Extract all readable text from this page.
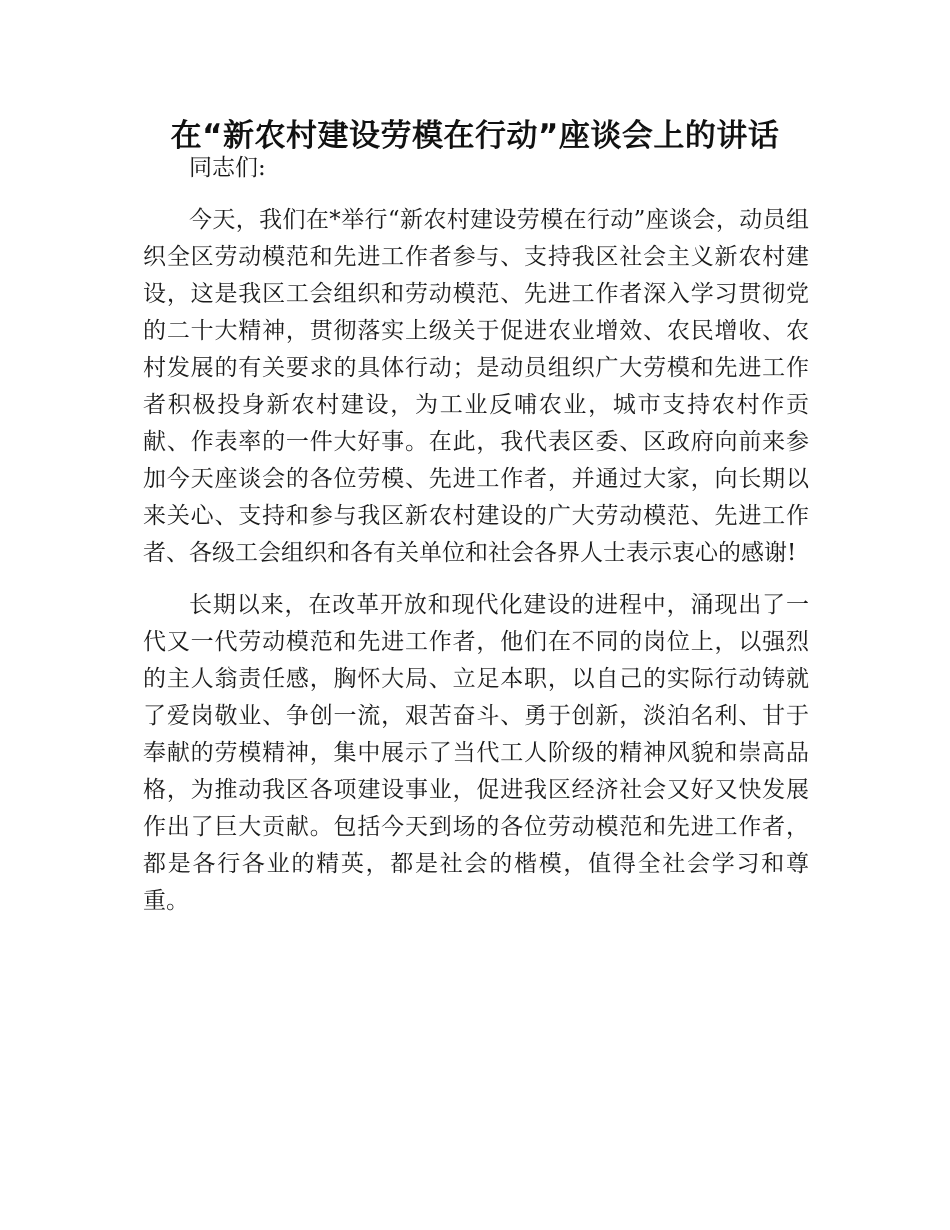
在“新农村建设劳模在行动”座谈会上的讲话

同志们:

今天，我们在*举行“新农村建设劳模在行动”座谈会，动员组织全区劳动模范和先进工作者参与、支持我区社会主义新农村建设，这是我区工会组织和劳动模范、先进工作者深入学习贯彻党的二十大精神，贯彻落实上级关于促进农业增效、农民增收、农村发展的有关要求的具体行动；是动员组织广大劳模和先进工作者积极投身新农村建设，为工业反哺农业，城市支持农村作贡献、作表率的一件大好事。在此，我代表区委、区政府向前来参加今天座谈会的各位劳模、先进工作者，并通过大家，向长期以来关心、支持和参与我区新农村建设的广大劳动模范、先进工作者、各级工会组织和各有关单位和社会各界人士表示衷心的感谢!

长期以来，在改革开放和现代化建设的进程中，涌现出了一代又一代劳动模范和先进工作者，他们在不同的岗位上，以强烈的主人翁责任感，胸怀大局、立足本职，以自己的实际行动铸就了爱岗敬业、争创一流，艰苦奋斗、勇于创新，淡泊名利、甘于奉献的劳模精神，集中展示了当代工人阶级的精神风貌和崇高品格，为推动我区各项建设事业，促进我区经济社会又好又快发展作出了巨大贡献。包括今天到场的各位劳动模范和先进工作者，都是各行各业的精英，都是社会的楷模，值得全社会学习和尊重。
